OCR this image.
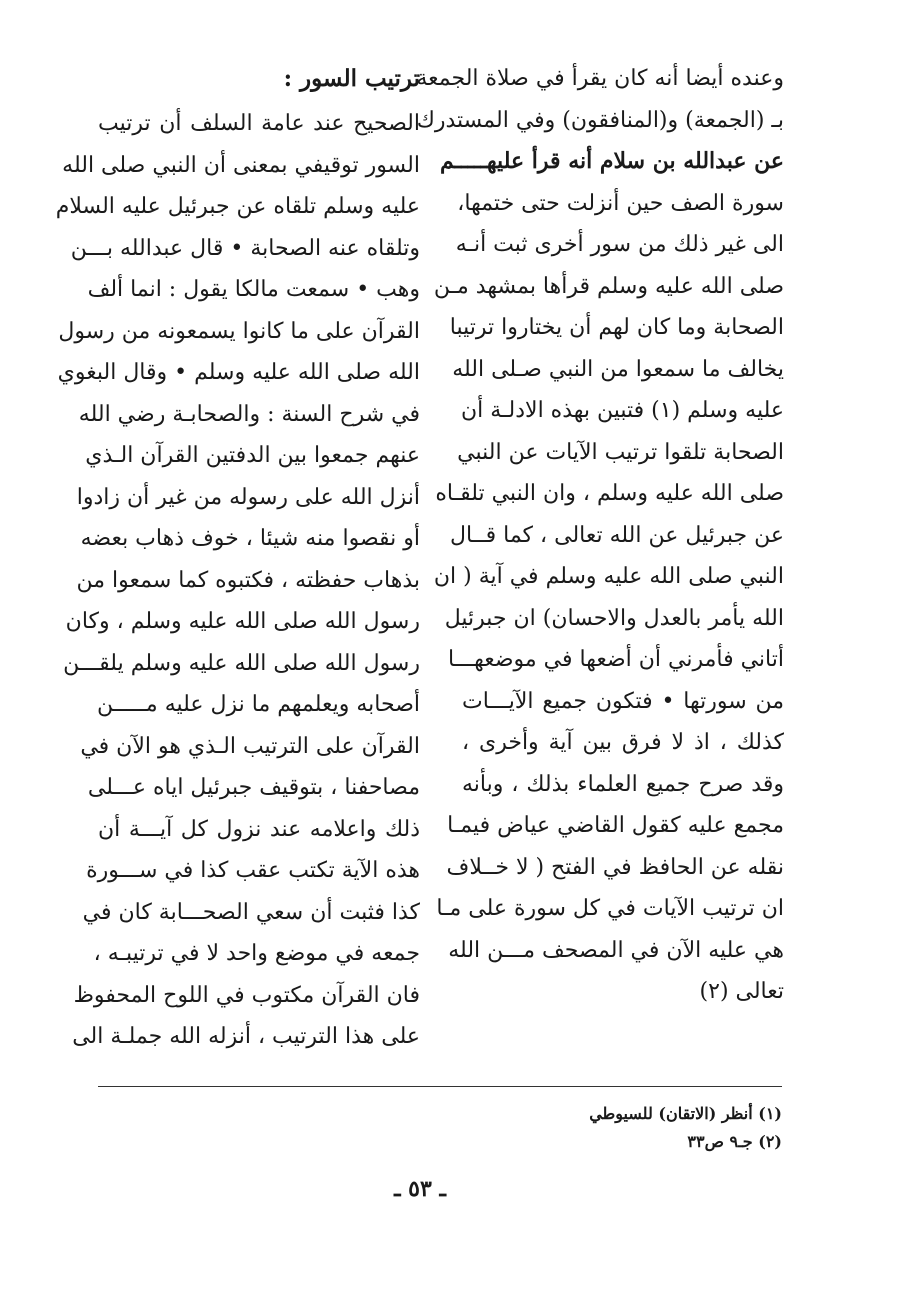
وعنده أيضا أنه كان يقرأ في صلاة الجمعة
بـ (الجمعة) و(المنافقون) وفي المستدرك
عن عبدالله بن سلام أنه قرأ عليهـــــم
سورة الصف حين أنزلت حتى ختمها،
الى غير ذلك من سور أخرى ثبت أنـه
صلى الله عليه وسلم قرأها بمشهد مـن
الصحابة وما كان لهم أن يختاروا ترتيبا
يخالف ما سمعوا من النبي صـلى الله
عليه وسلم (١) فتبين بهذه الادلـة أن
الصحابة تلقوا ترتيب الآيات عن النبي
صلى الله عليه وسلم ، وان النبي تلقـاه
عن جبرئيل عن الله تعالى ، كما قــال
النبي صلى الله عليه وسلم في آية ( ان
الله يأمر بالعدل والاحسان) ان جبرئيل
أتاني فأمرني أن أضعها في موضعهـــا
من سورتها • فتكون جميع الآيـــات
كذلك ، اذ لا فرق بين آية وأخرى ،
وقد صرح جميع العلماء بذلك ، وبأنه
مجمع عليه كقول القاضي عياض فيمـا
نقله عن الحافظ في الفتح ( لا خــلاف
ان ترتيب الآيات في كل سورة على مـا
هي عليه الآن في المصحف مـــن الله
تعالى (٢)
ترتيب السور :
الصحيح عند عامة السلف أن ترتيب
السور توقيفي بمعنى أن النبي صلى الله
عليه وسلم تلقاه عن جبرئيل عليه السلام
وتلقاه عنه الصحابة • قال عبدالله بـــن
وهب • سمعت مالكا يقول : انما ألف
القرآن على ما كانوا يسمعونه من رسول
الله صلى الله عليه وسلم • وقال البغوي
في شرح السنة : والصحابـة رضي الله
عنهم جمعوا بين الدفتين القرآن الـذي
أنزل الله على رسوله من غير أن زادوا
أو نقصوا منه شيئا ، خوف ذهاب بعضه
بذهاب حفظته ، فكتبوه كما سمعوا من
رسول الله صلى الله عليه وسلم ، وكان
رسول الله صلى الله عليه وسلم يلقـــن
أصحابه ويعلمهم ما نزل عليه مـــــن
القرآن على الترتيب الـذي هو الآن في
مصاحفنا ، بتوقيف جبرئيل اياه عـــلى
ذلك واعلامه عند نزول كل آيـــة أن
هذه الآية تكتب عقب كذا في ســـورة
كذا فثبت أن سعي الصحـــابة كان في
جمعه في موضع واحد لا في ترتيبـه ،
فان القرآن مكتوب في اللوح المحفوظ
على هذا الترتيب ، أنزله الله جملـة الى
(١) أنظر (الاتقان) للسيوطي
(٢) جـ٩ ص٣٣
ـ ٥٣ ـ
